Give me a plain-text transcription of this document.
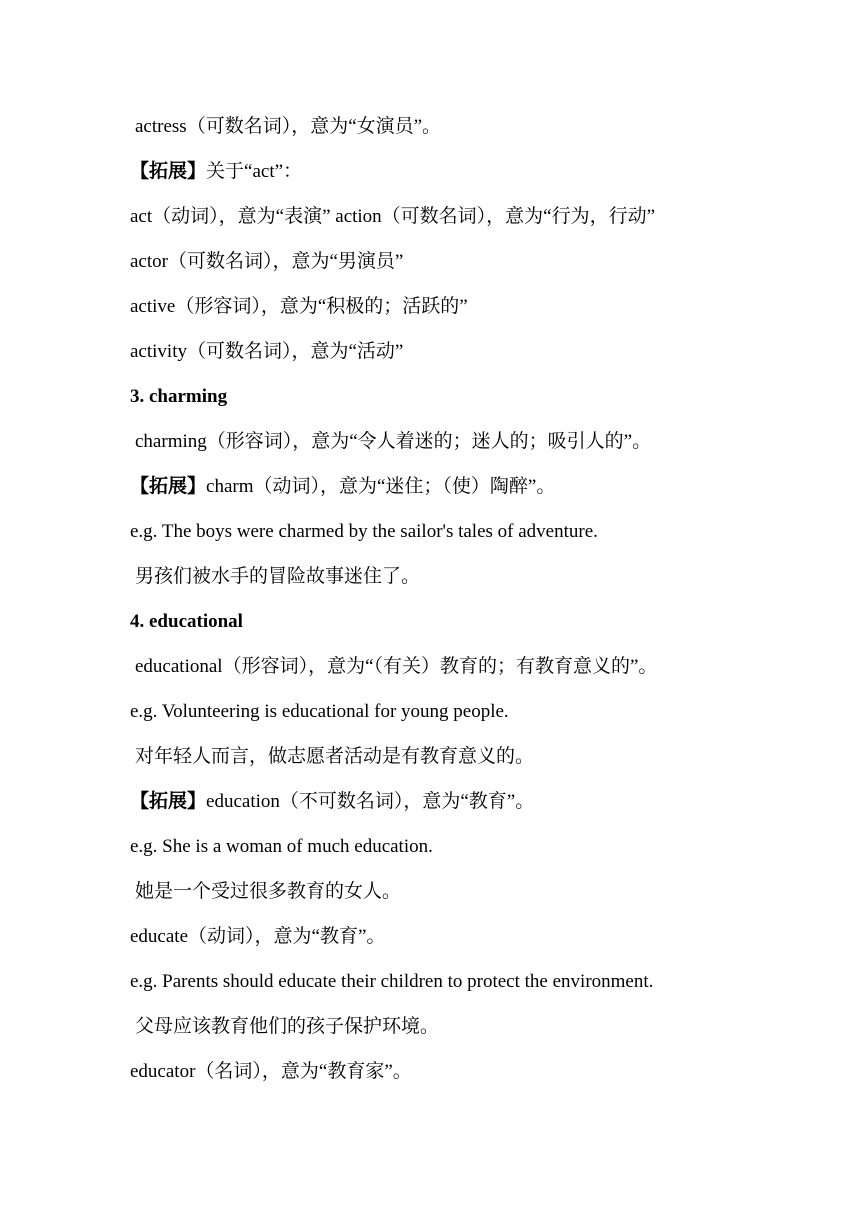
actress（可数名词），意为“女演员”。
【拓展】关于“act”：
act（动词），意为“表演” action（可数名词），意为“行为，行动”
actor（可数名词），意为“男演员”
active（形容词），意为“积极的；活跃的”
activity（可数名词），意为“活动”
3. charming
charming（形容词），意为“令人着迷的；迷人的；吸引人的”。
【拓展】charm（动词），意为“迷住；（使）陶醉”。
e.g. The boys were charmed by the sailor's tales of adventure.
男孩们被水手的冒险故事迷住了。
4. educational
educational（形容词），意为“（有关）教育的；有教育意义的”。
e.g. Volunteering is educational for young people.
对年轻人而言，做志愿者活动是有教育意义的。
【拓展】education（不可数名词），意为“教育”。
e.g. She is a woman of much education.
她是一个受过很多教育的女人。
educate（动词），意为“教育”。
e.g. Parents should educate their children to protect the environment.
父母应该教育他们的孩子保护环境。
educator（名词），意为“教育家”。
